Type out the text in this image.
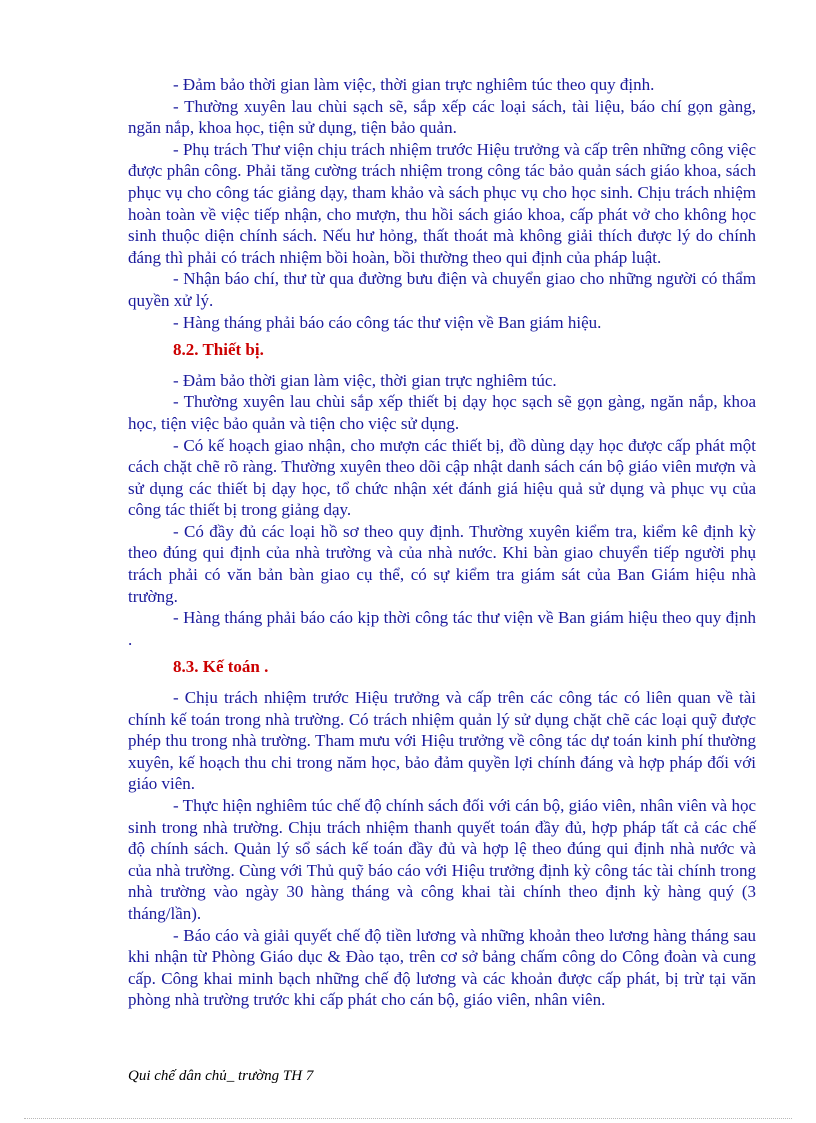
- Đảm bảo thời gian làm việc, thời gian trực nghiêm túc theo quy định.

- Thường xuyên lau chùi sạch sẽ, sắp xếp các loại sách, tài liệu, báo chí gọn gàng, ngăn nắp, khoa học, tiện sử dụng, tiện bảo quản.

- Phụ trách Thư viện chịu trách nhiệm trước Hiệu trưởng và cấp trên những công việc được phân công. Phải tăng cường trách nhiệm trong công tác bảo quản sách giáo khoa, sách phục vụ cho công tác giảng dạy, tham khảo và sách phục vụ cho học sinh. Chịu trách nhiệm hoàn toàn về việc tiếp nhận, cho mượn, thu hồi sách giáo khoa, cấp phát vở cho không học sinh thuộc diện chính sách. Nếu hư hỏng, thất thoát mà không giải thích được lý do chính đáng thì phải có trách nhiệm bồi hoàn, bồi thường theo qui định của pháp luật.

- Nhận báo chí, thư từ qua đường bưu điện và chuyển giao cho những người có thẩm quyền xử lý.

- Hàng tháng phải báo cáo công tác thư viện về Ban giám hiệu.

8.2. Thiết bị.

- Đảm bảo thời gian làm việc, thời gian trực nghiêm túc.

- Thường xuyên lau chùi sắp xếp thiết bị dạy học sạch sẽ gọn gàng, ngăn nắp, khoa học, tiện việc bảo quản và tiện cho việc sử dụng.

- Có kế hoạch giao nhận, cho mượn các thiết bị, đồ dùng dạy học được cấp phát một cách chặt chẽ rõ ràng. Thường xuyên theo dõi cập nhật danh sách cán bộ giáo viên mượn và sử dụng các thiết bị dạy học, tổ chức nhận xét đánh giá hiệu quả sử dụng và phục vụ của công tác thiết bị trong giảng dạy.

- Có đầy đủ các loại hồ sơ theo quy định. Thường xuyên kiểm tra, kiểm kê định kỳ theo đúng qui định của nhà trường và của nhà nước. Khi bàn giao chuyển tiếp người phụ trách phải có văn bản bàn giao cụ thể, có sự kiểm tra giám sát của Ban Giám hiệu nhà trường.

- Hàng tháng phải báo cáo kịp thời công tác thư viện về Ban giám hiệu theo quy định .

8.3. Kế toán .

- Chịu trách nhiệm trước Hiệu trưởng và cấp trên các công tác có liên quan về tài chính kế toán trong nhà trường. Có trách nhiệm quản lý sử dụng chặt chẽ các loại quỹ được phép thu trong nhà trường. Tham mưu với Hiệu trưởng về công tác dự toán kinh phí thường xuyên, kế hoạch thu chi trong năm học, bảo đảm quyền lợi chính đáng và hợp pháp đối với giáo viên.

- Thực hiện nghiêm túc chế độ chính sách đối với cán bộ, giáo viên, nhân viên và học sinh trong nhà trường. Chịu trách nhiệm thanh quyết toán đầy đủ, hợp pháp tất cả các chế độ chính sách. Quản lý sổ sách kế toán đầy đủ và hợp lệ theo đúng qui định nhà nước và của nhà trường. Cùng với Thủ quỹ báo cáo với Hiệu trưởng định kỳ công tác tài chính trong nhà trường vào ngày 30 hàng tháng và công khai tài chính theo định kỳ hàng quý (3 tháng/lần).

- Báo cáo và giải quyết chế độ tiền lương và những khoản theo lương hàng tháng sau khi nhận từ Phòng Giáo dục & Đào tạo, trên cơ sở bảng chấm công do Công đoàn và cung cấp. Công khai minh bạch những chế độ lương và các khoản được cấp phát, bị trừ tại văn phòng nhà trường trước khi cấp phát cho cán bộ, giáo viên, nhân viên.

Qui chế dân chủ_ trường TH 7
